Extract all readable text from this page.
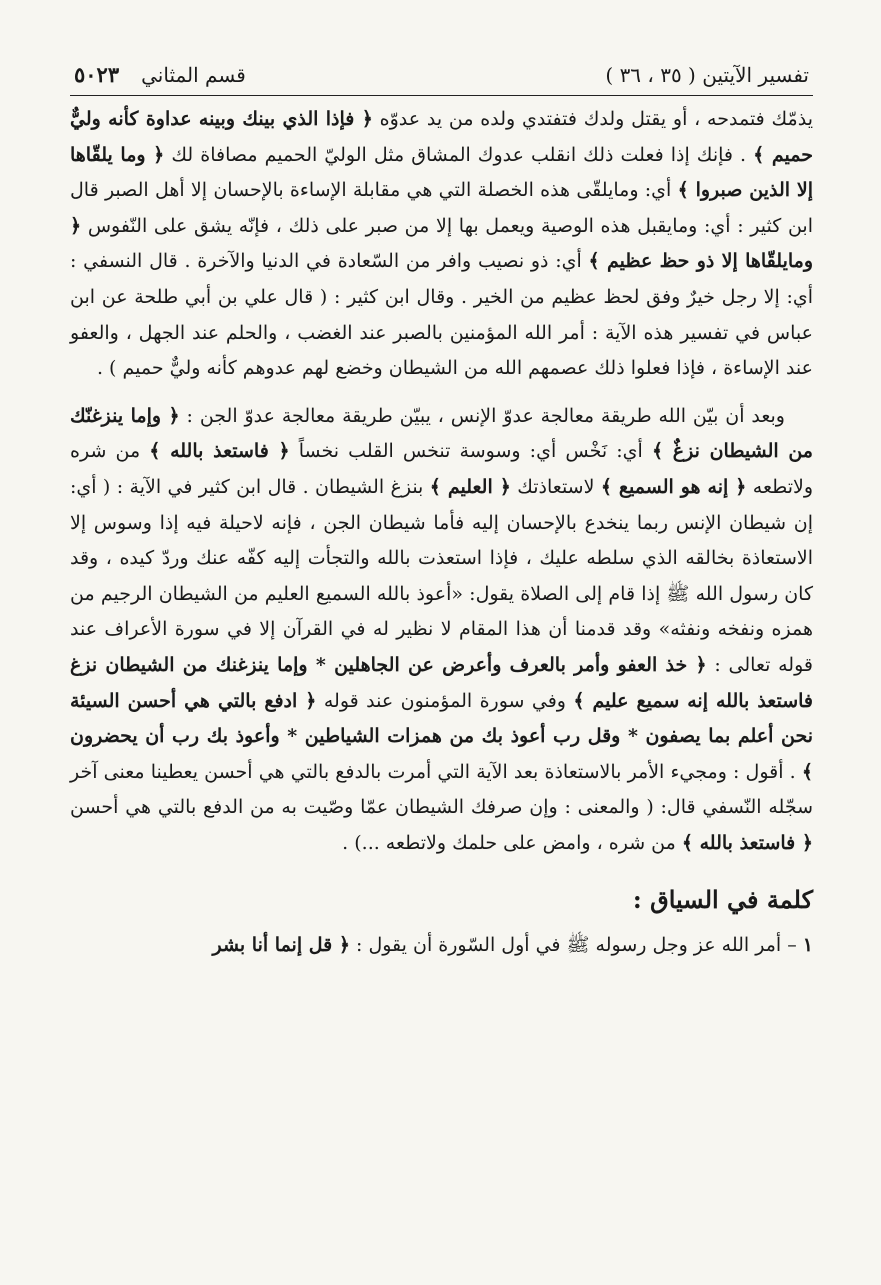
تفسير الآيتين ( ٣٥ ، ٣٦ )
قسم المثاني
٥٠٢٣

يذمّك فتمدحه ، أو يقتل ولدك فتفتدي ولده من يد عدوّه ﴿ فإذا الذي بينك وبينه عداوة كأنه وليٌّ حميم ﴾ . فإنك إذا فعلت ذلك انقلب عدوك المشاق مثل الوليّ الحميم مصافاة لك ﴿ وما يلقّاها إلا الذين صبروا ﴾ أي: ومايلقّى هذه الخصلة التي هي مقابلة الإساءة بالإحسان إلا أهل الصبر قال ابن كثير : أي: ومايقبل هذه الوصية ويعمل بها إلا من صبر على ذلك ، فإنّه يشق على النّفوس ﴿ ومايلقّاها إلا ذو حظ عظيم ﴾ أي: ذو نصيب وافر من السّعادة في الدنيا والآخرة . قال النسفي : أي: إلا رجل خيرٌ وفق لحظ عظيم من الخير . وقال ابن كثير : ( قال علي بن أبي طلحة عن ابن عباس في تفسير هذه الآية : أمر الله المؤمنين بالصبر عند الغضب ، والحلم عند الجهل ، والعفو عند الإساءة ، فإذا فعلوا ذلك عصمهم الله من الشيطان وخضع لهم عدوهم كأنه وليٌّ حميم ) .

وبعد أن بيّن الله طريقة معالجة عدوّ الإنس ، يبيّن طريقة معالجة عدوّ الجن : ﴿ وإما ينزغنّك من الشيطان نزغٌ ﴾ أي: نَخْس أي: وسوسة تنخس القلب نخساً ﴿ فاستعذ بالله ﴾ من شره ولاتطعه ﴿ إنه هو السميع ﴾ لاستعاذتك ﴿ العليم ﴾ بنزغ الشيطان . قال ابن كثير في الآية : ( أي: إن شيطان الإنس ربما ينخدع بالإحسان إليه فأما شيطان الجن ، فإنه لاحيلة فيه إذا وسوس إلا الاستعاذة بخالقه الذي سلطه عليك ، فإذا استعذت بالله والتجأت إليه كفّه عنك وردّ كيده ، وقد كان رسول الله ﷺ إذا قام إلى الصلاة يقول: «أعوذ بالله السميع العليم من الشيطان الرجيم من همزه ونفخه ونفثه» وقد قدمنا أن هذا المقام لا نظير له في القرآن إلا في سورة الأعراف عند قوله تعالى : ﴿ خذ العفو وأمر بالعرف وأعرض عن الجاهلين * وإما ينزغنك من الشيطان نزغ فاستعذ بالله إنه سميع عليم ﴾ وفي سورة المؤمنون عند قوله ﴿ ادفع بالتي هي أحسن السيئة نحن أعلم بما يصفون * وقل رب أعوذ بك من همزات الشياطين * وأعوذ بك رب أن يحضرون ﴾ . أقول : ومجيء الأمر بالاستعاذة بعد الآية التي أمرت بالدفع بالتي هي أحسن يعطينا معنى آخر سجّله النّسفي قال: ( والمعنى : وإن صرفك الشيطان عمّا وصّيت به من الدفع بالتي هي أحسن ﴿ فاستعذ بالله ﴾ من شره ، وامض على حلمك ولاتطعه ...) .

كلمة في السياق :
١ – أمر الله عز وجل رسوله ﷺ في أول السّورة أن يقول : ﴿ قل إنما أنا بشر
